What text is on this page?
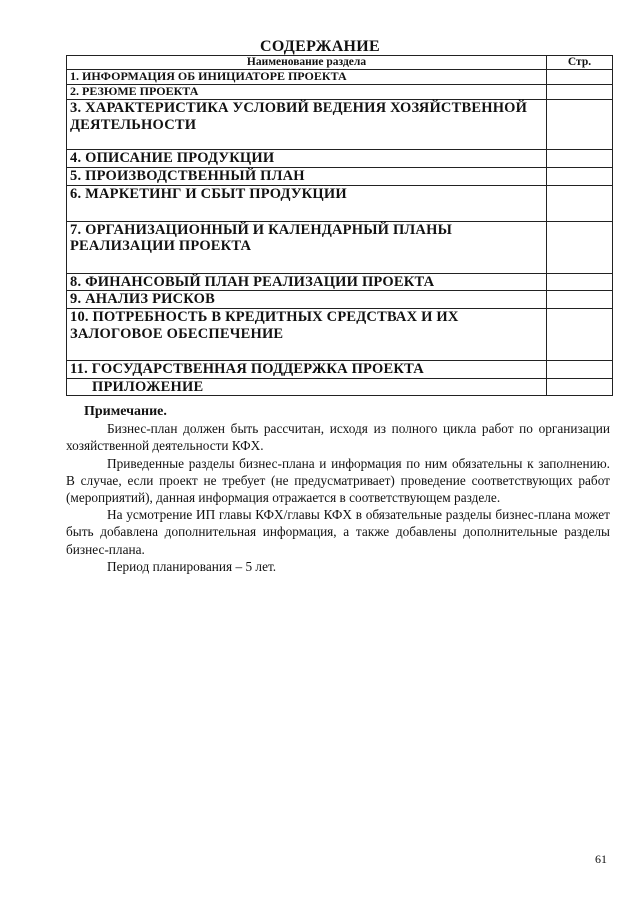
СОДЕРЖАНИЕ
Наименование раздела	Стр.
1. ИНФОРМАЦИЯ ОБ ИНИЦИАТОРЕ ПРОЕКТА	
2. РЕЗЮМЕ ПРОЕКТА	
3. ХАРАКТЕРИСТИКА УСЛОВИЙ ВЕДЕНИЯ ХОЗЯЙСТВЕННОЙ ДЕЯТЕЛЬНОСТИ	
4. ОПИСАНИЕ ПРОДУКЦИИ	
5. ПРОИЗВОДСТВЕННЫЙ ПЛАН	
6. МАРКЕТИНГ И СБЫТ ПРОДУКЦИИ	
7. ОРГАНИЗАЦИОННЫЙ И КАЛЕНДАРНЫЙ ПЛАНЫ РЕАЛИЗАЦИИ ПРОЕКТА	
8. ФИНАНСОВЫЙ ПЛАН РЕАЛИЗАЦИИ ПРОЕКТА	
9. АНАЛИЗ РИСКОВ	
10. ПОТРЕБНОСТЬ В КРЕДИТНЫХ СРЕДСТВАХ И ИХ ЗАЛОГОВОЕ ОБЕСПЕЧЕНИЕ	
11. ГОСУДАРСТВЕННАЯ ПОДДЕРЖКА ПРОЕКТА	
ПРИЛОЖЕНИЕ	
Примечание.

Бизнес-план должен быть рассчитан, исходя из полного цикла работ по организации хозяйственной деятельности КФХ.

Приведенные разделы бизнес-плана и информация по ним обязательны к заполнению. В случае, если проект не требует (не предусматривает) проведение соответствующих работ (мероприятий), данная информация отражается в соответствующем разделе.

На усмотрение ИП главы КФХ/главы КФХ в обязательные разделы бизнес-плана может быть добавлена дополнительная информация, а также добавлены дополнительные разделы бизнес-плана.

Период планирования – 5 лет.

61
